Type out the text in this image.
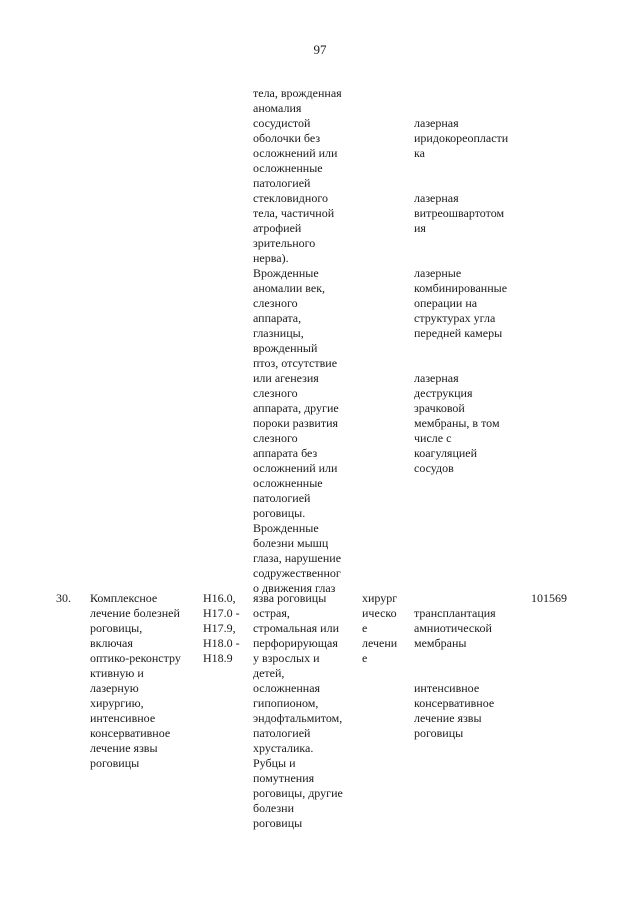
97
тела, врожденная
аномалия
сосудистой
оболочки без
осложнений или
осложненные
патологией
стекловидного
тела, частичной
атрофией
зрительного
нерва).
Врожденные
аномалии век,
слезного
аппарата,
глазницы,
врожденный
птоз, отсутствие
или агенезия
слезного
аппарата, другие
пороки развития
слезного
аппарата без
осложнений или
осложненные
патологией
роговицы.
Врожденные
болезни мышц
глаза, нарушение
содружественног
о движения глаз

лазерная
иридокореопласти
ка

лазерная
витреошвартотом
ия

лазерные
комбинированные
операции на
структурах угла
передней камеры

лазерная
деструкция
зрачковой
мембраны, в том
числе с
коагуляцией
сосудов

30. Комплексное
лечение болезней
роговицы,
включая
оптико-реконстру
ктивную и
лазерную
хирургию,
интенсивное
консервативное
лечение язвы
роговицы
H16.0,
H17.0 -
H17.9,
H18.0 -
H18.9
язва роговицы
острая,
стромальная или
перфорирующая
у взрослых и
детей,
осложненная
гипопионом,
эндофтальмитом,
патологией
хрусталика.
Рубцы и
помутнения
роговицы, другие
болезни
роговицы
хирург
ическо
е
лечени
е

трансплантация
амниотической
мембраны

интенсивное
консервативное
лечение язвы
роговицы

101569
